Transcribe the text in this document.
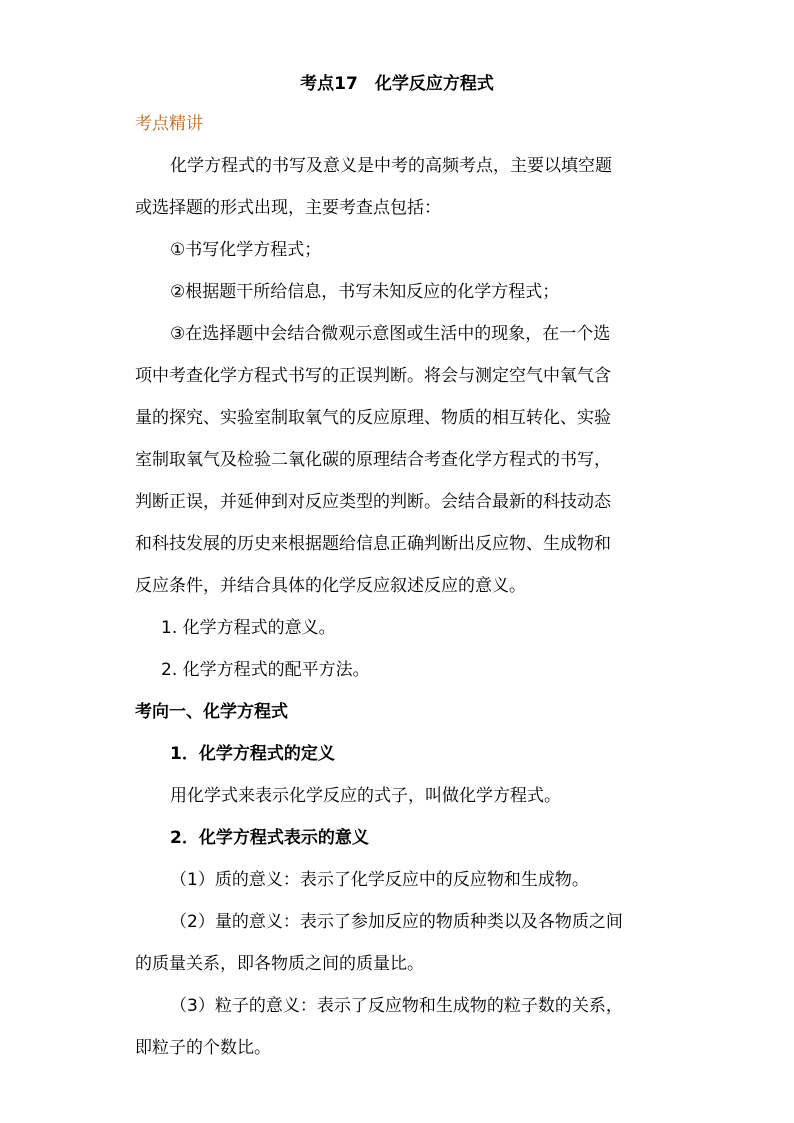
考点17　化学反应方程式
考点精讲
化学方程式的书写及意义是中考的高频考点，主要以填空题
或选择题的形式出现，主要考查点包括：
①书写化学方程式；
②根据题干所给信息，书写未知反应的化学方程式；
③在选择题中会结合微观示意图或生活中的现象，在一个选
项中考查化学方程式书写的正误判断。将会与测定空气中氧气含
量的探究、实验室制取氧气的反应原理、物质的相互转化、实验
室制取氧气及检验二氧化碳的原理结合考查化学方程式的书写，
判断正误，并延伸到对反应类型的判断。会结合最新的科技动态
和科技发展的历史来根据题给信息正确判断出反应物、生成物和
反应条件，并结合具体的化学反应叙述反应的意义。
1. 化学方程式的意义。
2. 化学方程式的配平方法。
考向一、化学方程式
1．化学方程式的定义
用化学式来表示化学反应的式子，叫做化学方程式。
2．化学方程式表示的意义
（1）质的意义：表示了化学反应中的反应物和生成物。
（2）量的意义：表示了参加反应的物质种类以及各物质之间
的质量关系，即各物质之间的质量比。
（3）粒子的意义：表示了反应物和生成物的粒子数的关系，
即粒子的个数比。
